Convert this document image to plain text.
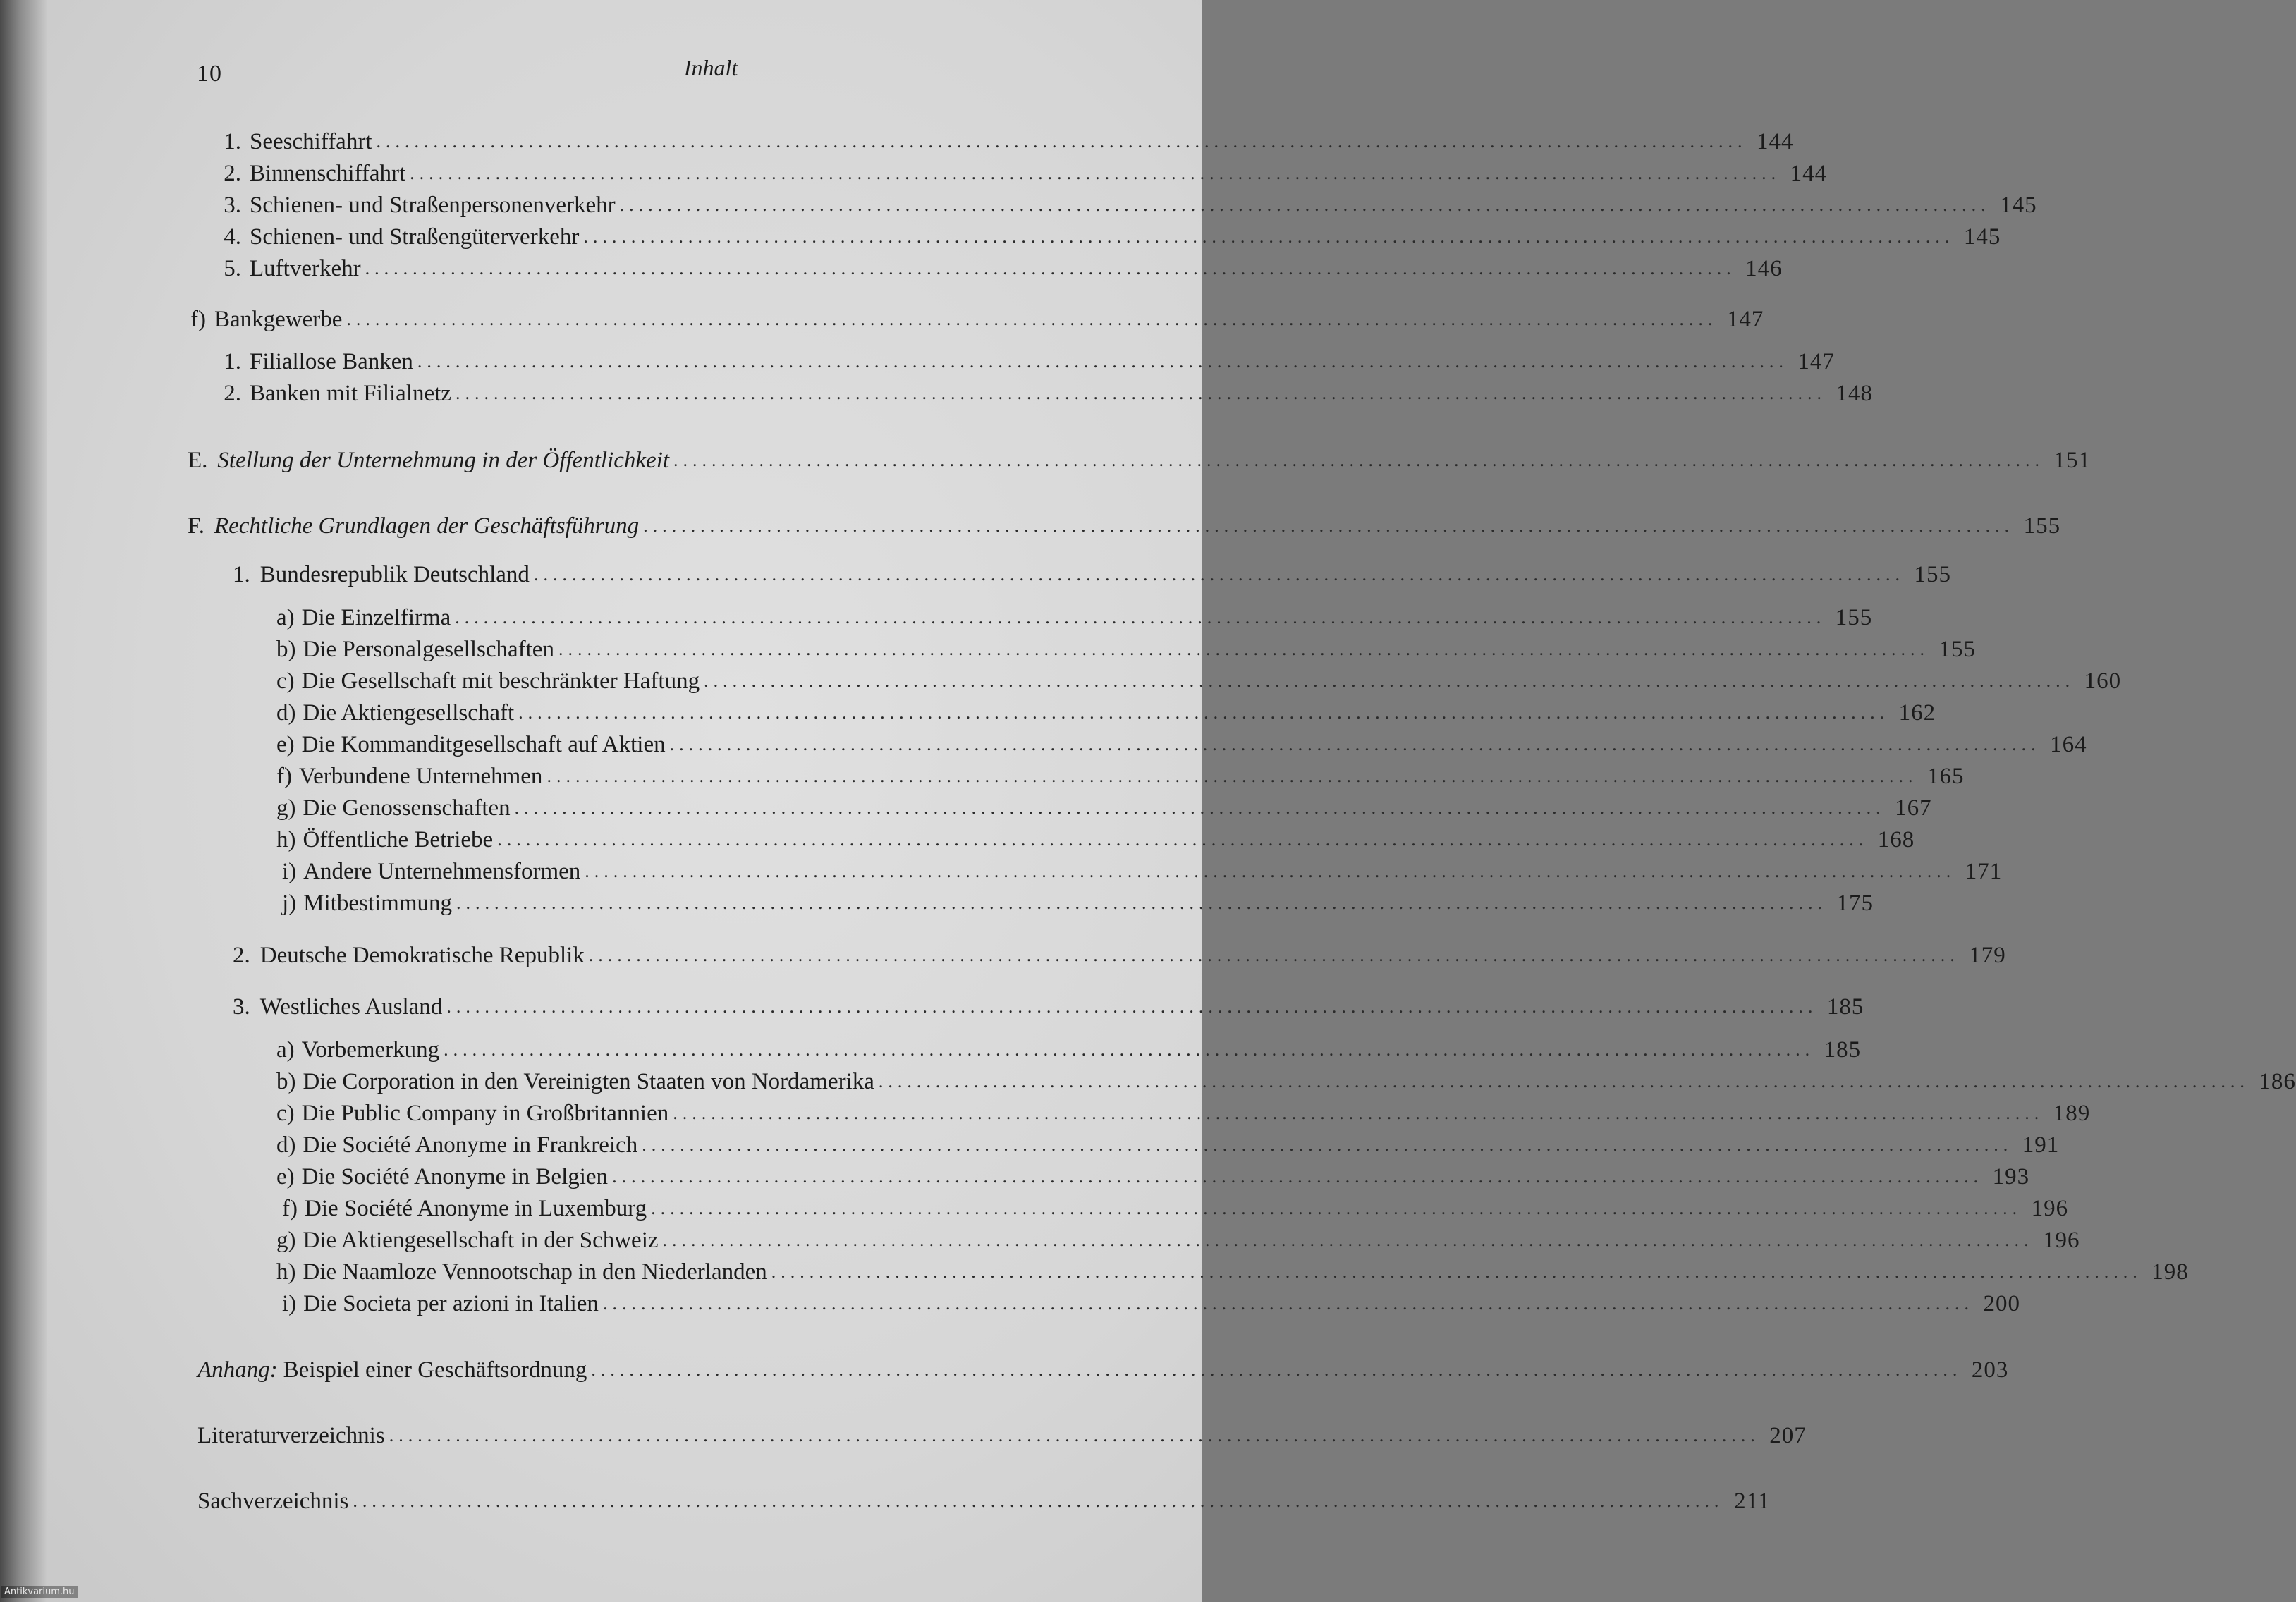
10	Inhalt
1. Seeschiffahrt ................................................................................................................................................ 144
2. Binnenschiffahrt ................................................................................................................................................ 144
3. Schienen- und Straßenpersonenverkehr ................................................................................................................................................ 145
4. Schienen- und Straßengüterverkehr ................................................................................................................................................ 145
5. Luftverkehr ................................................................................................................................................ 146
f) Bankgewerbe ................................................................................................................................................ 147
1. Filiallose Banken ................................................................................................................................................ 147
2. Banken mit Filialnetz ................................................................................................................................................ 148
E. Stellung der Unternehmung in der Öffentlichkeit ................................................................................................................................................ 151
F. Rechtliche Grundlagen der Geschäftsführung ................................................................................................................................................ 155
1. Bundesrepublik Deutschland ................................................................................................................................................ 155
a) Die Einzelfirma ................................................................................................................................................ 155
b) Die Personalgesellschaften ................................................................................................................................................ 155
c) Die Gesellschaft mit beschränkter Haftung ................................................................................................................................................ 160
d) Die Aktiengesellschaft ................................................................................................................................................ 162
e) Die Kommanditgesellschaft auf Aktien ................................................................................................................................................ 164
f) Verbundene Unternehmen ................................................................................................................................................ 165
g) Die Genossenschaften ................................................................................................................................................ 167
h) Öffentliche Betriebe ................................................................................................................................................ 168
i) Andere Unternehmensformen ................................................................................................................................................ 171
j) Mitbestimmung ................................................................................................................................................ 175
2. Deutsche Demokratische Republik ................................................................................................................................................ 179
3. Westliches Ausland ................................................................................................................................................ 185
a) Vorbemerkung ................................................................................................................................................ 185
b) Die Corporation in den Vereinigten Staaten von Nordamerika ................................................................................................................................................ 186
c) Die Public Company in Großbritannien ................................................................................................................................................ 189
d) Die Société Anonyme in Frankreich ................................................................................................................................................ 191
e) Die Société Anonyme in Belgien ................................................................................................................................................ 193
f) Die Société Anonyme in Luxemburg ................................................................................................................................................ 196
g) Die Aktiengesellschaft in der Schweiz ................................................................................................................................................ 196
h) Die Naamloze Vennootschap in den Niederlanden ................................................................................................................................................ 198
i) Die Societa per azioni in Italien ................................................................................................................................................ 200
Anhang: Beispiel einer Geschäftsordnung ................................................................................................................................................ 203
Literaturverzeichnis ................................................................................................................................................ 207
Sachverzeichnis ................................................................................................................................................ 211
Antikvarium.hu
